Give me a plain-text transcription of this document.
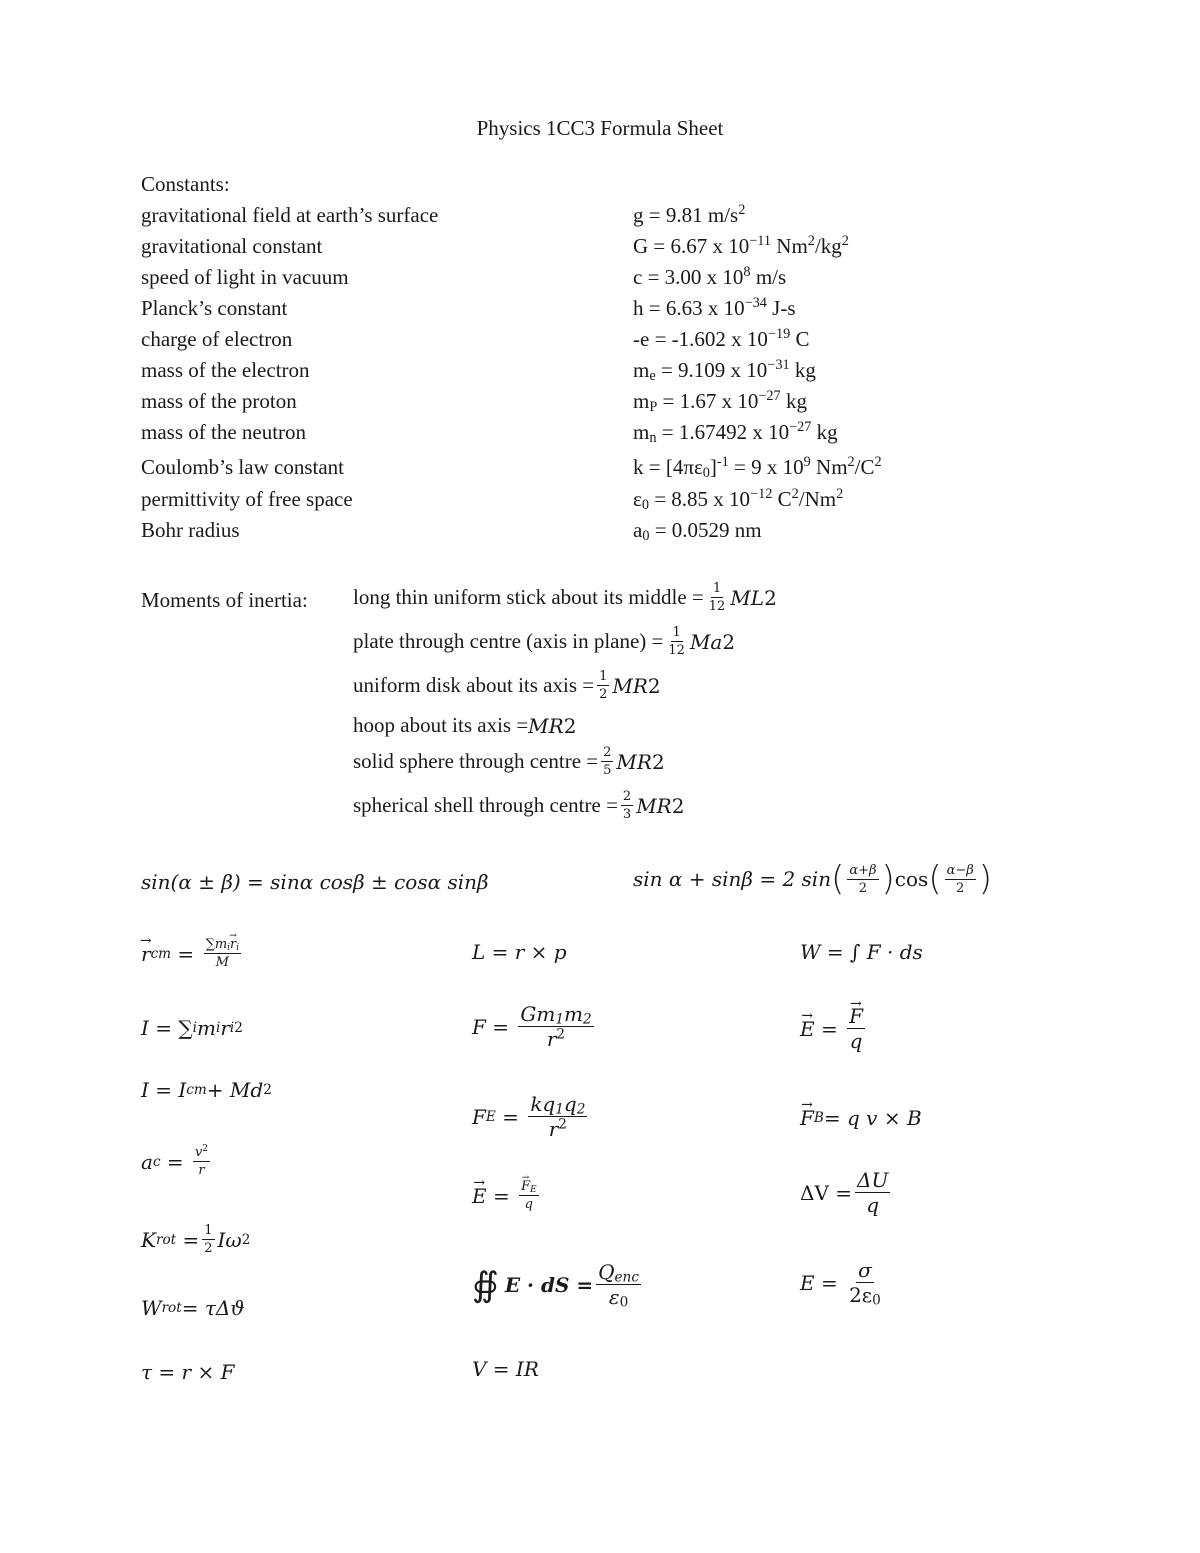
Physics 1CC3 Formula Sheet
Constants:
gravitational field at earth’s surface
gravitational constant
speed of light in vacuum
Planck’s constant
charge of electron
mass of the electron
mass of the proton
mass of the neutron
Coulomb’s law constant
permittivity of free space
Bohr radius
g = 9.81 $m/s^2$
G = 6.67 x $10^{-11}$ $Nm^2/kg^2$
c = 3.00 x $10^8$ m/s
h = 6.63 x $10^{-34}$ J-s
-e = -1.602 x $10^{-19}$ C
$m_e = 9.109$ x $10^{-31}$ kg
$m_P = 1.67$ x $10^{-27}$ kg
$m_n = 1.67492$ x $10^{-27}$ kg
$k = [4\pi\varepsilon_0]^{-1} = 9$ x $10^9$ $Nm^2/C^2$
$\varepsilon_0 = 8.85$ x $10^{-12}$ $C^2/Nm^2$
$a_0 = 0.0529$ nm
Moments of inertia: long thin uniform stick about its middle = $\frac{1}{12}$ ML 2
plate through centre (axis in plane) = $\frac{1}{12}$ Ma 2
uniform disk about its axis = $\frac{1}{2}$ MR 2
hoop about its axis = MR 2
solid sphere through centre = $\frac{2}{5}$ MR 2
spherical shell through centre = $\frac{2}{3}$ MR 2
sin(α ± β) = sinα cosβ ± cosα sinβ	sin α + sinβ = 2 sin ( $\frac{\alpha+\beta}{2}$ ) cos ( $\frac{\alpha-\beta}{2}$ )
→ r cm = $\frac{\sum m_i\to r_i}{M}$
I = ∑ i m i r i 2
I = I cm + Md 2
a $c = \frac{v^2}{r}$
K rot = $\frac{1}{2}$ Iω 2
W rot = τΔϑ
τ = r × F
L = r × p
$F = \frac{Gm_1m_2}{r^2}$
F $E = \frac{kq_1q_2}{r^2}$
→ E = → $\frac{F_E}{q}$
∯ E · dS = $\frac{Q_{enc}}{\varepsilon_0}$
V = IR
W = ∫ F · ds
→ E = → $\frac{F}{q}$
→ F B = q v × B
$\Delta V = \frac{\Delta U}{q}$
$E = \frac{\sigma}{2\varepsilon_0}$
